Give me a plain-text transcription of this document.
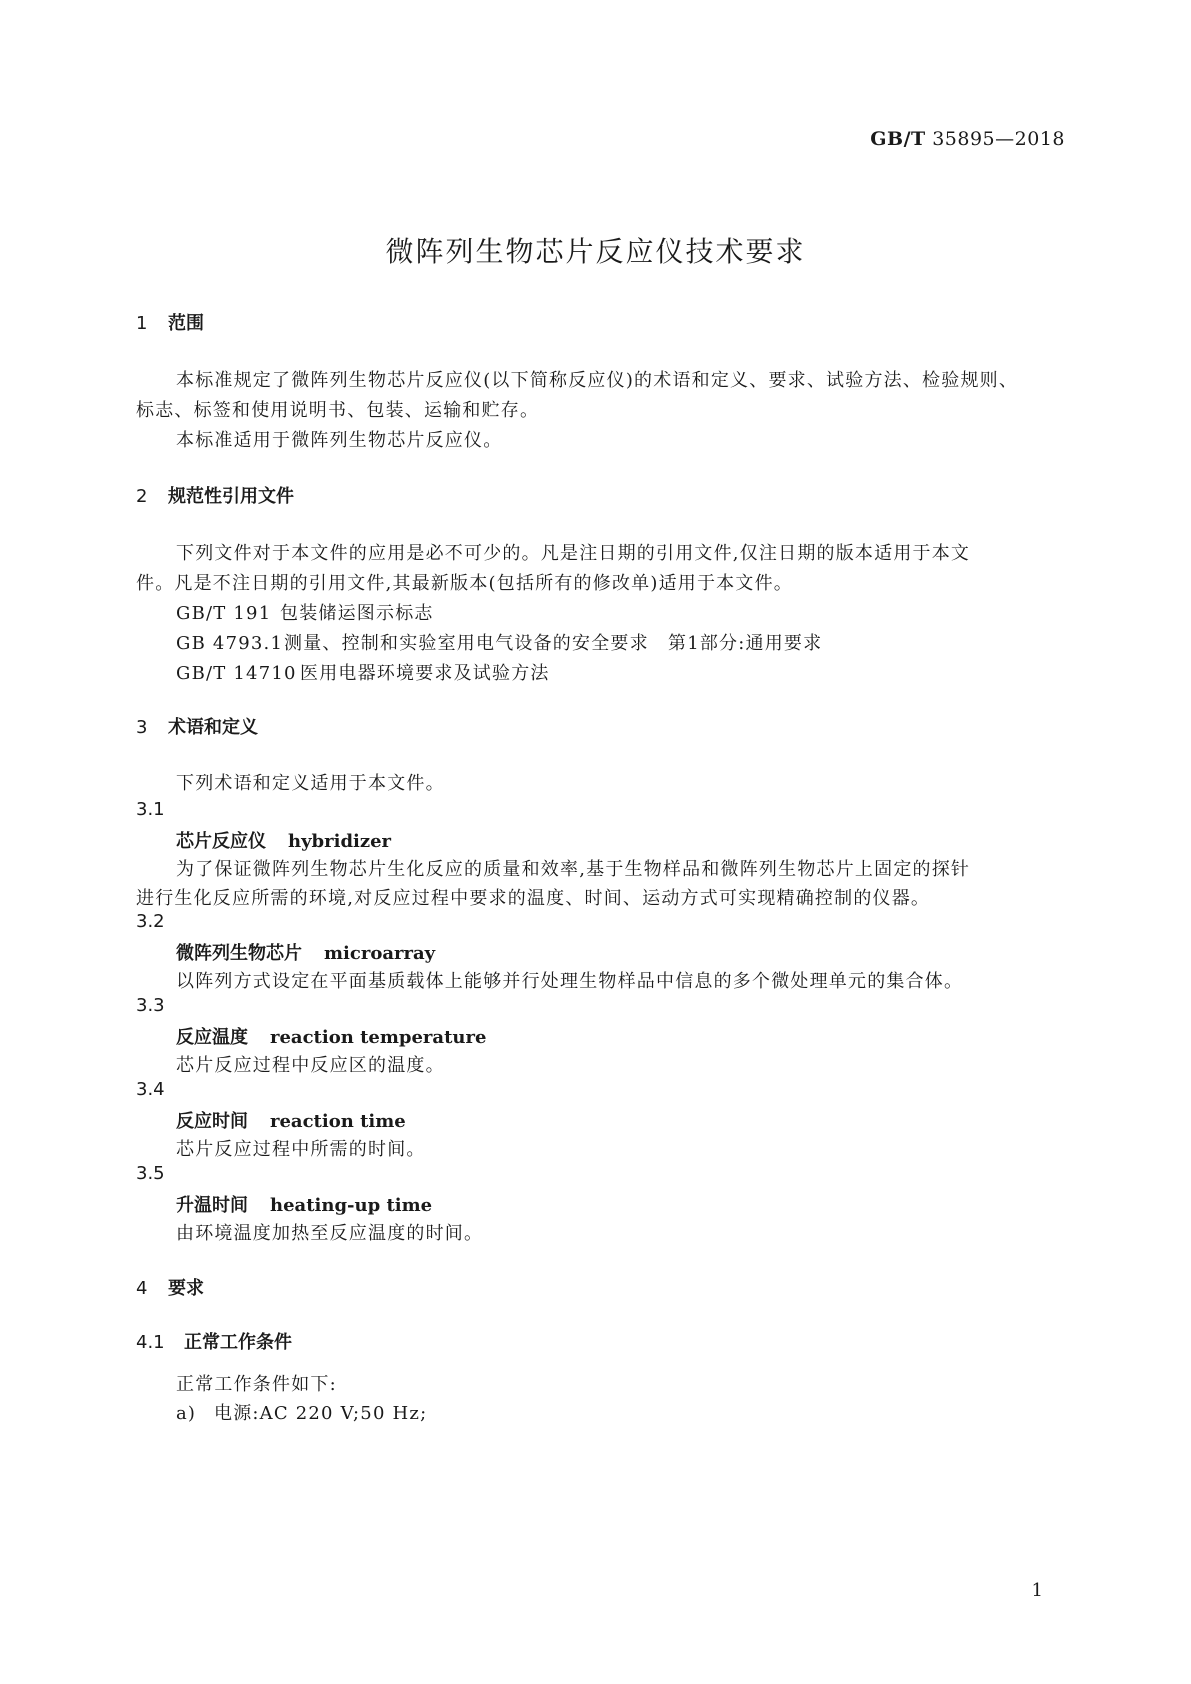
GB/T 35895—2018
微阵列生物芯片反应仪技术要求
1 范围
本标准规定了微阵列生物芯片反应仪(以下简称反应仪)的术语和定义、要求、试验方法、检验规则、
标志、标签和使用说明书、包装、运输和贮存。
本标准适用于微阵列生物芯片反应仪。
2 规范性引用文件
下列文件对于本文件的应用是必不可少的。凡是注日期的引用文件,仅注日期的版本适用于本文
件。凡是不注日期的引用文件,其最新版本(包括所有的修改单)适用于本文件。
GB/T 191 包装储运图示标志
GB 4793.1测量、控制和实验室用电气设备的安全要求　第1部分:通用要求
GB/T 14710 医用电器环境要求及试验方法
3 术语和定义
下列术语和定义适用于本文件。
3.1
芯片反应仪 hybridizer
为了保证微阵列生物芯片生化反应的质量和效率,基于生物样品和微阵列生物芯片上固定的探针
进行生化反应所需的环境,对反应过程中要求的温度、时间、运动方式可实现精确控制的仪器。
3.2
微阵列生物芯片 microarray
以阵列方式设定在平面基质载体上能够并行处理生物样品中信息的多个微处理单元的集合体。
3.3
反应温度 reaction temperature
芯片反应过程中反应区的温度。
3.4
反应时间 reaction time
芯片反应过程中所需的时间。
3.5
升温时间 heating-up time
由环境温度加热至反应温度的时间。
4 要求
4.1 正常工作条件
正常工作条件如下:
a) 电源:AC 220 V;50 Hz;
1
